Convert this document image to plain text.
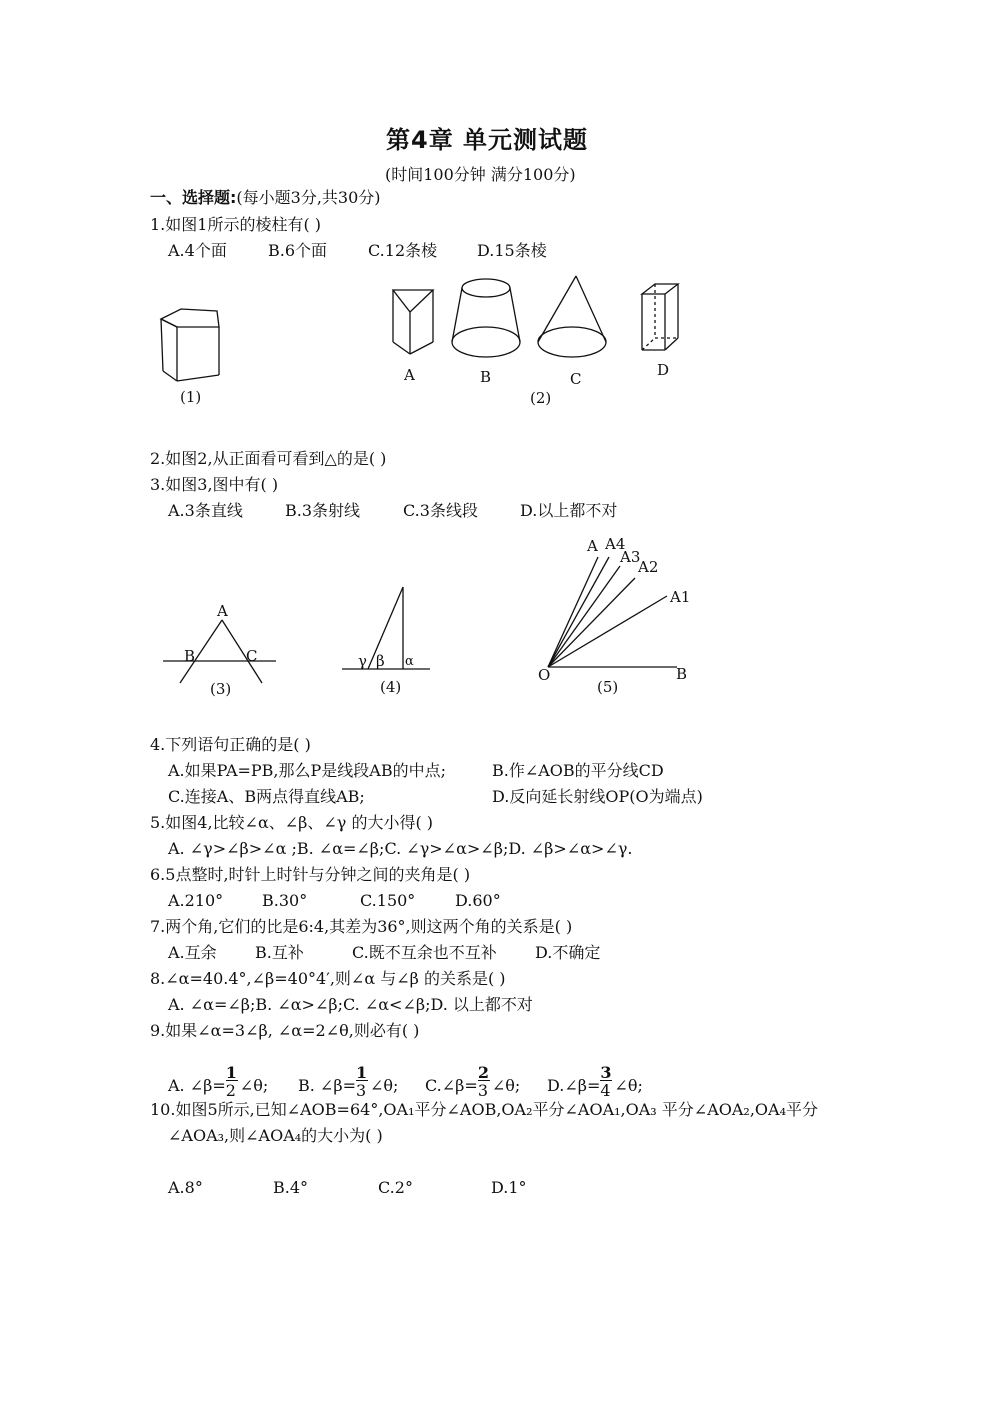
第4章 单元测试题
(时间100分钟 满分100分)
一、选择题:(每小题3分,共30分)
1.如图1所示的棱柱有( )
A.4个面	B.6个面	C.12条棱 D.15条棱
(1)
A	B	C	D
(2)
2.如图2,从正面看可看到△的是( )
3.如图3,图中有( )
A.3条直线	B.3条射线	C.3条线段	D.以上都不对
A
B	C
(3)
γ β α
(4)
A A4
A3
A2
A1
O	B
(5)
4.下列语句正确的是( )
A.如果PA=PB,那么P是线段AB的中点;	B.作∠AOB的平分线CD
C.连接A、B两点得直线AB;	D.反向延长射线OP(O为端点)
5.如图4,比较∠α、∠β、∠γ 的大小得( )
A. ∠γ>∠β>∠α ;B. ∠α=∠β;C. ∠γ>∠α>∠β;D. ∠β>∠α>∠γ.
6.5点整时,时针上时针与分钟之间的夹角是( )
A.210° B.30°	C.150° D.60°
7.两个角,它们的比是6:4,其差为36°,则这两个角的关系是( )
A.互余 B.互补	C.既不互余也不互补 D.不确定
8.∠α=40.4°,∠β=40°4′,则∠α 与∠β 的关系是( )
A. ∠α=∠β;B. ∠α>∠β;C. ∠α<∠β;D. 以上都不对
9.如果∠α=3∠β, ∠α=2∠θ,则必有( )
A. ∠β=
$\frac{1}{2}$
∠θ; B. ∠β=
$\frac{1}{3}$
∠θ; C.∠β=
$\frac{2}{3}$
∠θ; D.∠β=
$\frac{3}{4}$
∠θ;
10.如图5所示,已知∠AOB=64°,OA₁平分∠AOB,OA₂平分∠AOA₁,OA₃ 平分∠AOA₂,OA₄平分
∠AOA₃,则∠AOA₄的大小为( )
A.8°	B.4°	C.2°	D.1°
